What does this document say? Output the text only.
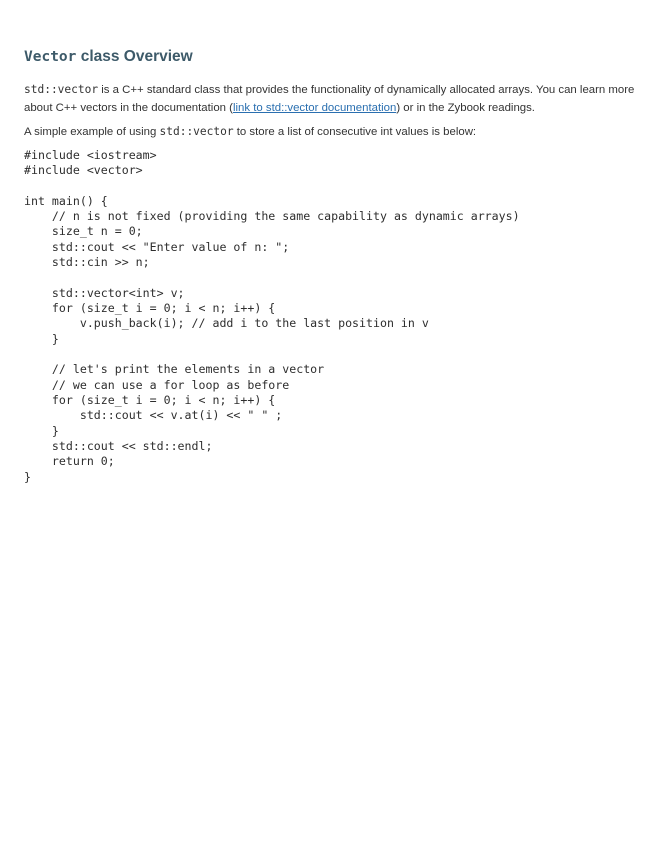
Vector class Overview

std::vector is a C++ standard class that provides the functionality of dynamically allocated arrays. You can learn more about C++ vectors in the documentation (link to std::vector documentation) or in the Zybook readings.

A simple example of using std::vector to store a list of consecutive int values is below:

#include <iostream>
#include <vector>

int main() {
// n is not fixed (providing the same capability as dynamic arrays)
size_t n = 0;
std::cout << "Enter value of n: ";
std::cin >> n;

std::vector<int> v;
for (size_t i = 0; i < n; i++) {
v.push_back(i); // add i to the last position in v
}

// let's print the elements in a vector
// we can use a for loop as before
for (size_t i = 0; i < n; i++) {
std::cout << v.at(i) << " " ;
}
std::cout << std::endl;
return 0;
}
